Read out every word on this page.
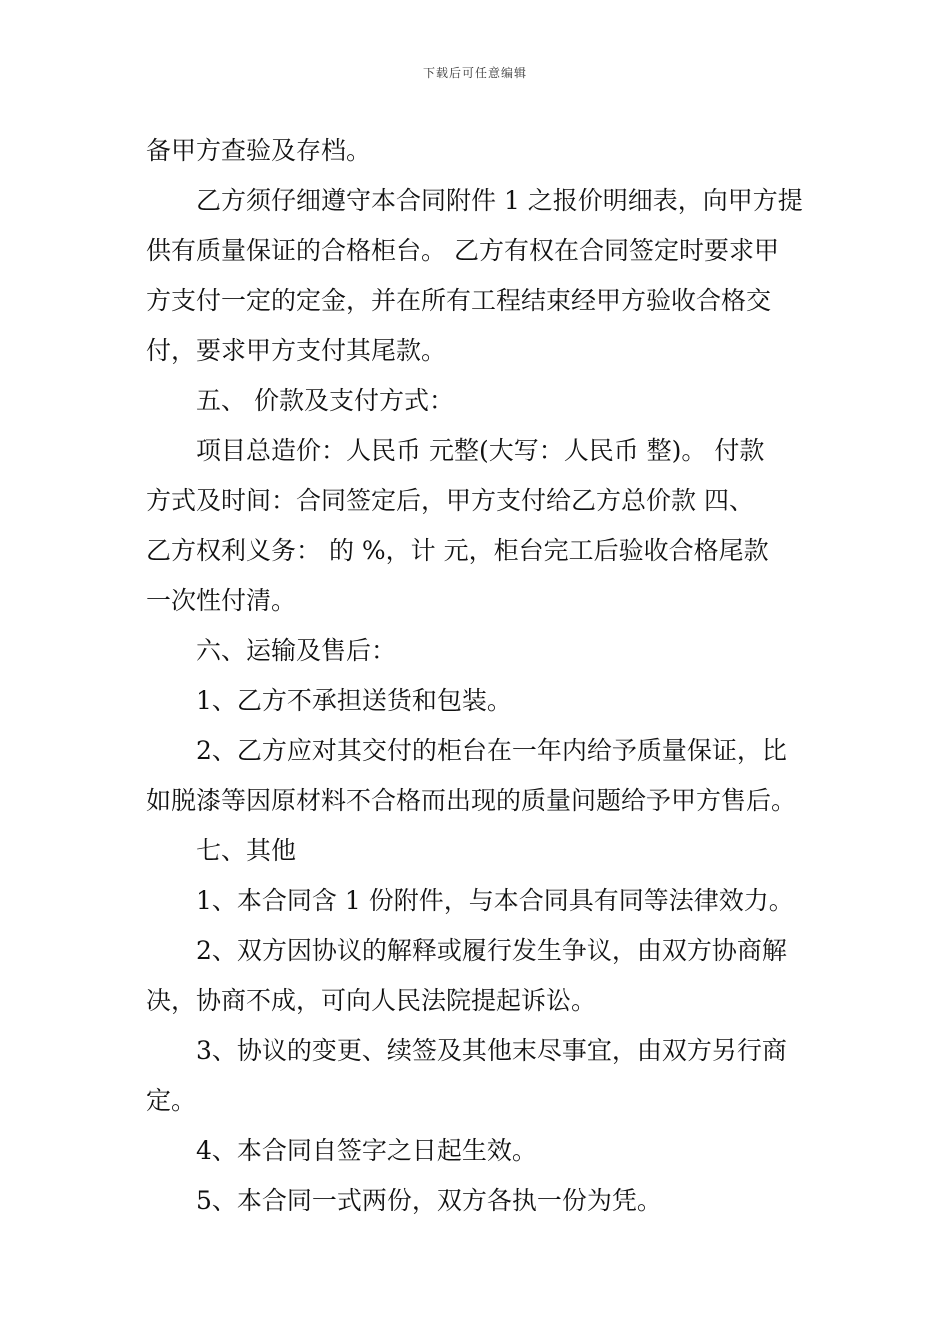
下载后可任意编辑
备甲方查验及存档。
乙方须仔细遵守本合同附件 1 之报价明细表，向甲方提
供有质量保证的合格柜台。 乙方有权在合同签定时要求甲
方支付一定的定金，并在所有工程结束经甲方验收合格交
付，要求甲方支付其尾款。
五、 价款及支付方式：
项目总造价：人民币 元整(大写：人民币 整)。 付款
方式及时间：合同签定后，甲方支付给乙方总价款 四、
乙方权利义务： 的 %，计 元，柜台完工后验收合格尾款
一次性付清。
六、运输及售后：
1、乙方不承担送货和包装。
2、乙方应对其交付的柜台在一年内给予质量保证，比
如脱漆等因原材料不合格而出现的质量问题给予甲方售后。
七、其他
1、本合同含 1 份附件，与本合同具有同等法律效力。
2、双方因协议的解释或履行发生争议，由双方协商解
决，协商不成，可向人民法院提起诉讼。
3、协议的变更、续签及其他末尽事宜，由双方另行商
定。
4、本合同自签字之日起生效。
5、本合同一式两份，双方各执一份为凭。
